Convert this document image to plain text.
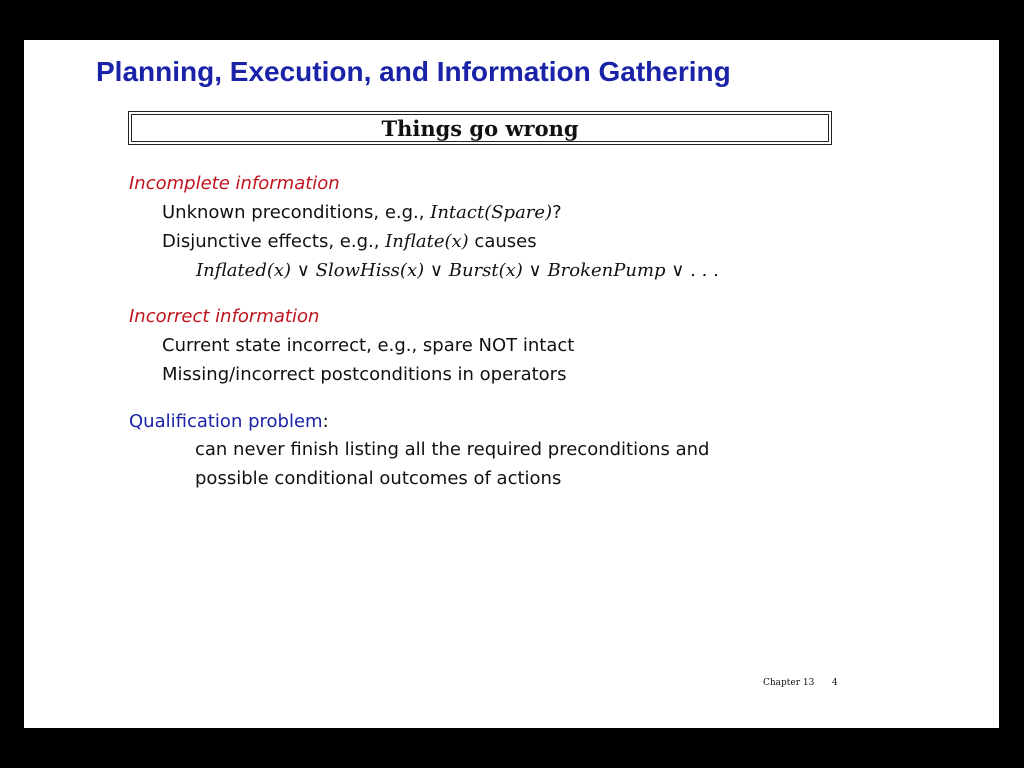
Planning, Execution, and Information Gathering
Things go wrong
Incomplete information
Unknown preconditions, e.g., Intact(Spare)?
Disjunctive effects, e.g., Inflate(x) causes
Inflated(x) ∨ SlowHiss(x) ∨ Burst(x) ∨ BrokenPump ∨ . . .
Incorrect information
Current state incorrect, e.g., spare NOT intact
Missing/incorrect postconditions in operators
Qualification problem:
can never finish listing all the required preconditions and
possible conditional outcomes of actions
Chapter 13 4
